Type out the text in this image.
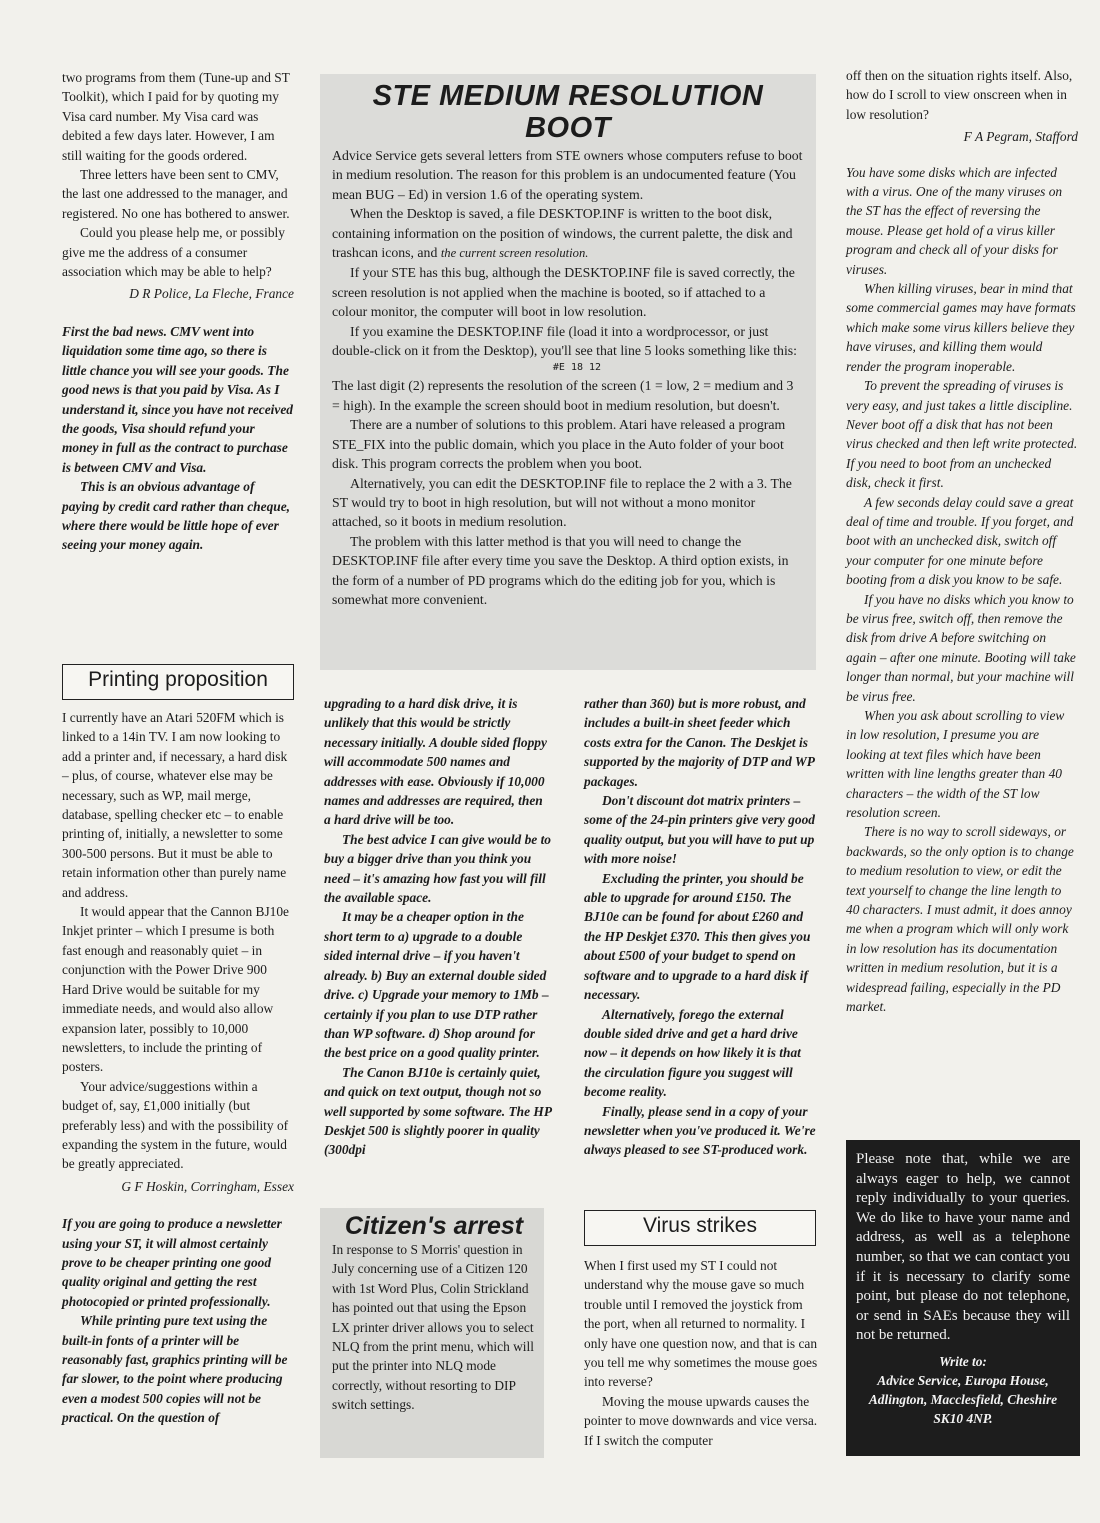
two programs from them (Tune-up and ST Toolkit), which I paid for by quoting my Visa card number. My Visa card was debited a few days later. However, I am still waiting for the goods ordered.

Three letters have been sent to CMV, the last one addressed to the manager, and registered. No one has bothered to answer.

Could you please help me, or possibly give me the address of a consumer association which may be able to help?

D R Police, La Fleche, France

First the bad news. CMV went into liquidation some time ago, so there is little chance you will see your goods. The good news is that you paid by Visa. As I understand it, since you have not received the goods, Visa should refund your money in full as the contract to purchase is between CMV and Visa.

This is an obvious advantage of paying by credit card rather than cheque, where there would be little hope of ever seeing your money again.

Printing proposition

I currently have an Atari 520FM which is linked to a 14in TV. I am now looking to add a printer and, if necessary, a hard disk – plus, of course, whatever else may be necessary, such as WP, mail merge, database, spelling checker etc – to enable printing of, initially, a newsletter to some 300-500 persons. But it must be able to retain information other than purely name and address.

It would appear that the Cannon BJ10e Inkjet printer – which I presume is both fast enough and reasonably quiet – in conjunction with the Power Drive 900 Hard Drive would be suitable for my immediate needs, and would also allow expansion later, possibly to 10,000 newsletters, to include the printing of posters.

Your advice/suggestions within a budget of, say, £1,000 initially (but preferably less) and with the possibility of expanding the system in the future, would be greatly appreciated.

G F Hoskin, Corringham, Essex

If you are going to produce a newsletter using your ST, it will almost certainly prove to be cheaper printing one good quality original and getting the rest photocopied or printed professionally.

While printing pure text using the built-in fonts of a printer will be reasonably fast, graphics printing will be far slower, to the point where producing even a modest 500 copies will not be practical. On the question of

STE MEDIUM RESOLUTION BOOT

Advice Service gets several letters from STE owners whose computers refuse to boot in medium resolution. The reason for this problem is an undocumented feature (You mean BUG – Ed) in version 1.6 of the operating system.

When the Desktop is saved, a file DESKTOP.INF is written to the boot disk, containing information on the position of windows, the current palette, the disk and trashcan icons, and the current screen resolution.

If your STE has this bug, although the DESKTOP.INF file is saved correctly, the screen resolution is not applied when the machine is booted, so if attached to a colour monitor, the computer will boot in low resolution.

If you examine the DESKTOP.INF file (load it into a wordprocessor, or just double-click on it from the Desktop), you'll see that line 5 looks something like this:

#E 18 12

The last digit (2) represents the resolution of the screen (1 = low, 2 = medium and 3 = high). In the example the screen should boot in medium resolution, but doesn't.

There are a number of solutions to this problem. Atari have released a program STE_FIX into the public domain, which you place in the Auto folder of your boot disk. This program corrects the problem when you boot.

Alternatively, you can edit the DESKTOP.INF file to replace the 2 with a 3. The ST would try to boot in high resolution, but will not without a mono monitor attached, so it boots in medium resolution.

The problem with this latter method is that you will need to change the DESKTOP.INF file after every time you save the Desktop. A third option exists, in the form of a number of PD programs which do the editing job for you, which is somewhat more convenient.

upgrading to a hard disk drive, it is unlikely that this would be strictly necessary initially. A double sided floppy will accommodate 500 names and addresses with ease. Obviously if 10,000 names and addresses are required, then a hard drive will be too.

The best advice I can give would be to buy a bigger drive than you think you need – it's amazing how fast you will fill the available space.

It may be a cheaper option in the short term to a) upgrade to a double sided internal drive – if you haven't already. b) Buy an external double sided drive. c) Upgrade your memory to 1Mb – certainly if you plan to use DTP rather than WP software. d) Shop around for the best price on a good quality printer.

The Canon BJ10e is certainly quiet, and quick on text output, though not so well supported by some software. The HP Deskjet 500 is slightly poorer in quality (300dpi

rather than 360) but is more robust, and includes a built-in sheet feeder which costs extra for the Canon. The Deskjet is supported by the majority of DTP and WP packages.

Don't discount dot matrix printers – some of the 24-pin printers give very good quality output, but you will have to put up with more noise!

Excluding the printer, you should be able to upgrade for around £150. The BJ10e can be found for about £260 and the HP Deskjet £370. This then gives you about £500 of your budget to spend on software and to upgrade to a hard disk if necessary.

Alternatively, forego the external double sided drive and get a hard drive now – it depends on how likely it is that the circulation figure you suggest will become reality.

Finally, please send in a copy of your newsletter when you've produced it. We're always pleased to see ST-produced work.

Citizen's arrest

In response to S Morris' question in July concerning use of a Citizen 120 with 1st Word Plus, Colin Strickland has pointed out that using the Epson LX printer driver allows you to select NLQ from the print menu, which will put the printer into NLQ mode correctly, without resorting to DIP switch settings.

Virus strikes

When I first used my ST I could not understand why the mouse gave so much trouble until I removed the joystick from the port, when all returned to normality. I only have one question now, and that is can you tell me why sometimes the mouse goes into reverse?

Moving the mouse upwards causes the pointer to move downwards and vice versa. If I switch the computer

off then on the situation rights itself. Also, how do I scroll to view onscreen when in low resolution?

F A Pegram, Stafford

You have some disks which are infected with a virus. One of the many viruses on the ST has the effect of reversing the mouse. Please get hold of a virus killer program and check all of your disks for viruses.

When killing viruses, bear in mind that some commercial games may have formats which make some virus killers believe they have viruses, and killing them would render the program inoperable.

To prevent the spreading of viruses is very easy, and just takes a little discipline. Never boot off a disk that has not been virus checked and then left write protected. If you need to boot from an unchecked disk, check it first.

A few seconds delay could save a great deal of time and trouble. If you forget, and boot with an unchecked disk, switch off your computer for one minute before booting from a disk you know to be safe.

If you have no disks which you know to be virus free, switch off, then remove the disk from drive A before switching on again – after one minute. Booting will take longer than normal, but your machine will be virus free.

When you ask about scrolling to view in low resolution, I presume you are looking at text files which have been written with line lengths greater than 40 characters – the width of the ST low resolution screen.

There is no way to scroll sideways, or backwards, so the only option is to change to medium resolution to view, or edit the text yourself to change the line length to 40 characters. I must admit, it does annoy me when a program which will only work in low resolution has its documentation written in medium resolution, but it is a widespread failing, especially in the PD market.

Please note that, while we are always eager to help, we cannot reply individually to your queries. We do like to have your name and address, as well as a telephone number, so that we can contact you if it is necessary to clarify some point, but please do not telephone, or send in SAEs because they will not be returned.

Write to:
Advice Service, Europa House,
Adlington, Macclesfield, Cheshire
SK10 4NP.
